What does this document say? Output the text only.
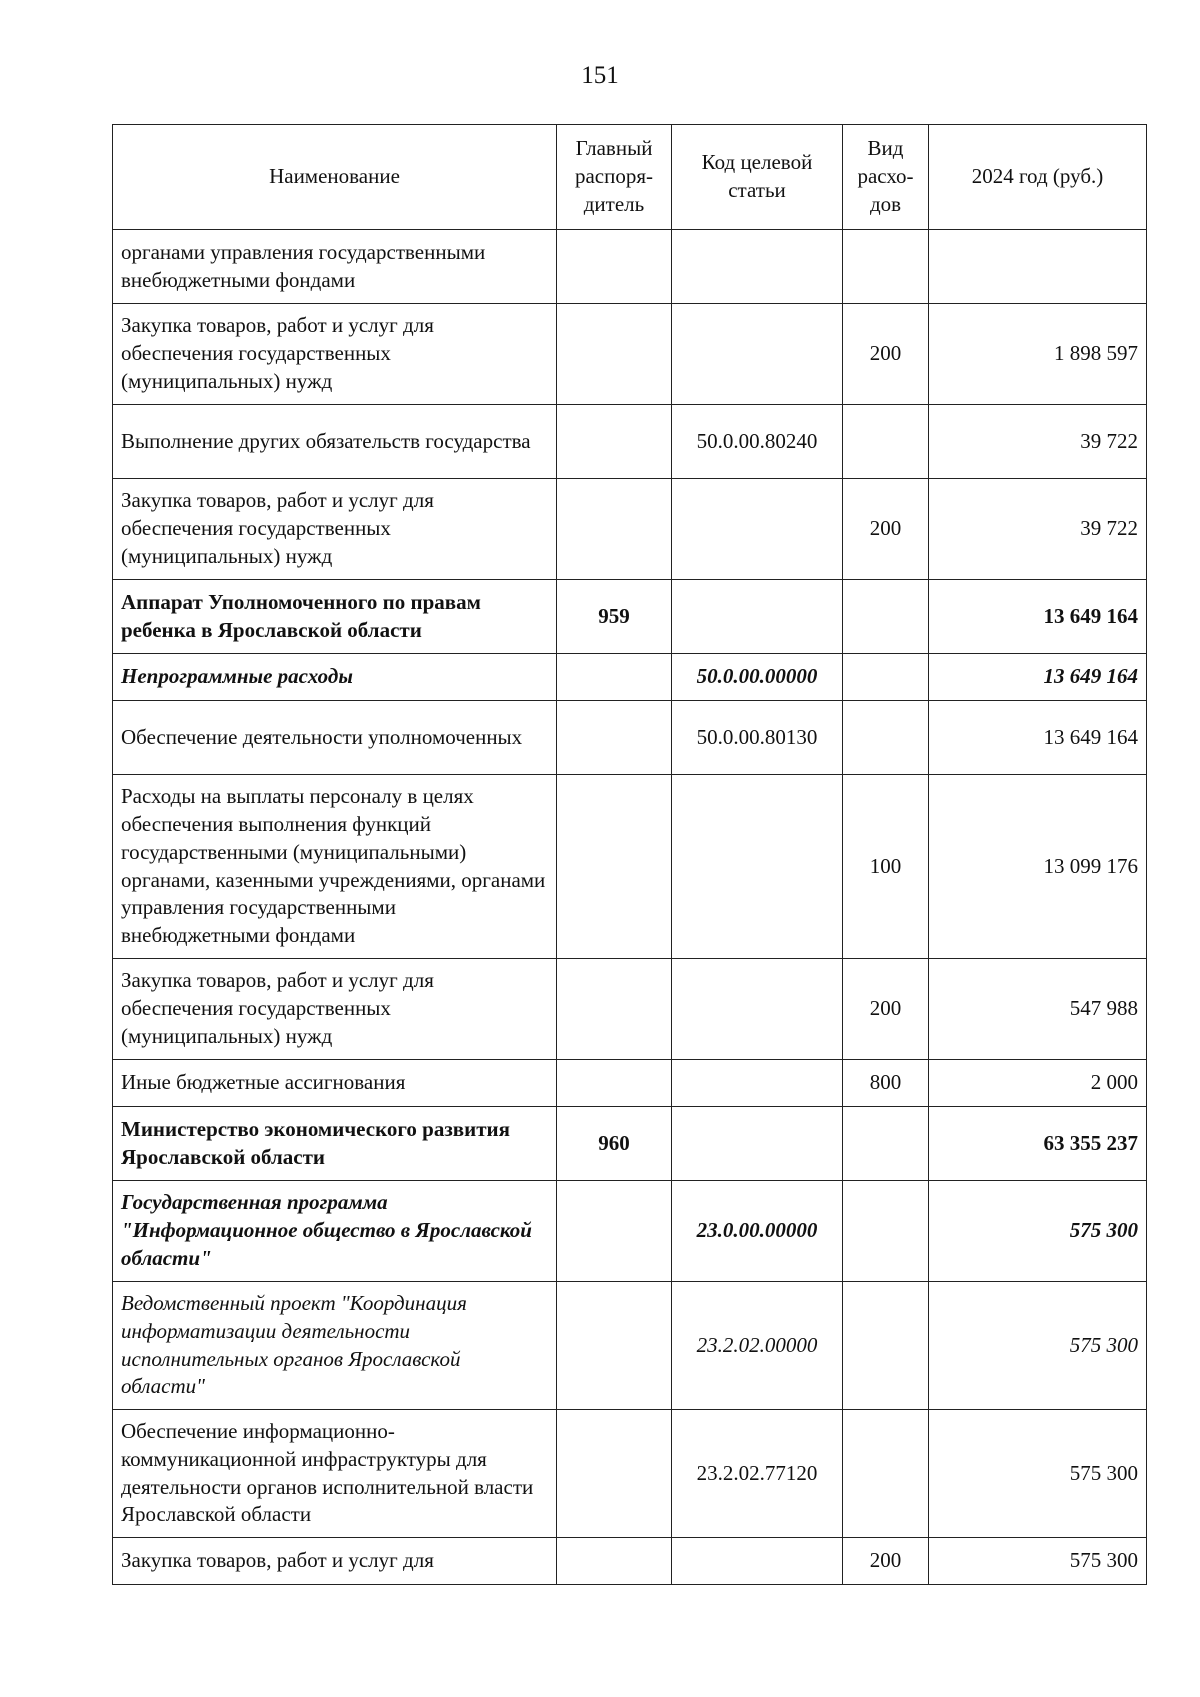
151
Наименование	Главный распоря-дитель	Код целевой статьи	Вид расхо-дов	2024 год (руб.)
органами управления государственными внебюджетными фондами				
Закупка товаров, работ и услуг для обеспечения государственных (муниципальных) нужд			200	1 898 597
Выполнение других обязательств государства		50.0.00.80240		39 722
Закупка товаров, работ и услуг для обеспечения государственных (муниципальных) нужд			200	39 722
Аппарат Уполномоченного по правам ребенка в Ярославской области	959			13 649 164
Непрограммные расходы		50.0.00.00000		13 649 164
Обеспечение деятельности уполномоченных		50.0.00.80130		13 649 164
Расходы на выплаты персоналу в целях обеспечения выполнения функций государственными (муниципальными) органами, казенными учреждениями, органами управления государственными внебюджетными фондами			100	13 099 176
Закупка товаров, работ и услуг для обеспечения государственных (муниципальных) нужд			200	547 988
Иные бюджетные ассигнования			800	2 000
Министерство экономического развития Ярославской области	960			63 355 237
Государственная программа "Информационное общество в Ярославской области"		23.0.00.00000		575 300
Ведомственный проект "Координация информатизации деятельности исполнительных органов Ярославской области"		23.2.02.00000		575 300
Обеспечение информационно-коммуникационной инфраструктуры для деятельности органов исполнительной власти Ярославской области		23.2.02.77120		575 300
Закупка товаров, работ и услуг для			200	575 300
